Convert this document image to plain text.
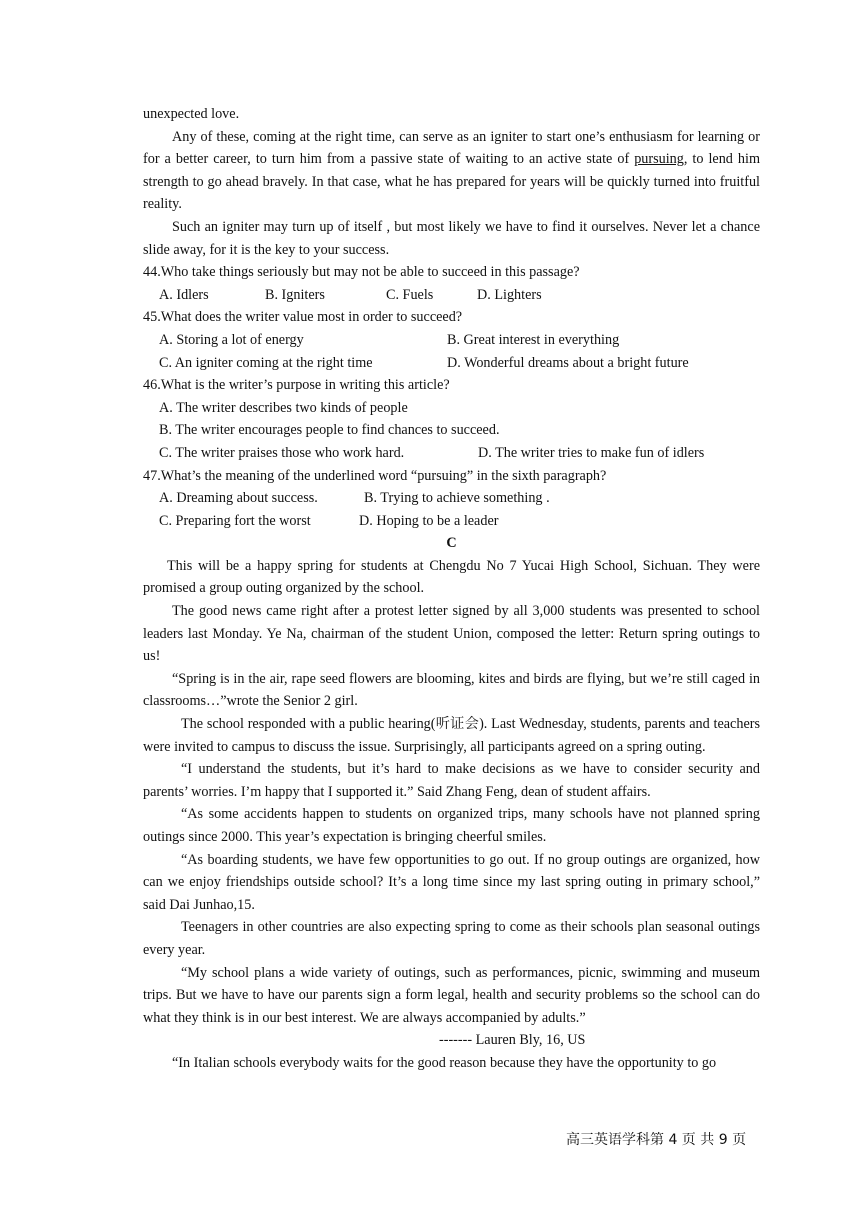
unexpected love.

Any of these, coming at the right time, can serve as an igniter to start one’s enthusiasm for learning or for a better career, to turn him from a passive state of waiting to an active state of pursuing, to lend him strength to go ahead bravely. In that case, what he has prepared for years will be quickly turned into fruitful reality.

Such an igniter may turn up of itself , but most likely we have to find it ourselves. Never let a chance slide away, for it is the key to your success.

44.Who take things seriously but may not be able to succeed in this passage?

A. Idlers	B. Igniters	C. Fuels	D. Lighters

45.What does the writer value most in order to succeed?

A. Storing a lot of energy	B. Great interest in everything

C. An igniter coming at the right time	D. Wonderful dreams about a bright future

46.What is the writer’s purpose in writing this article?

A. The writer describes two kinds of people

B. The writer encourages people to find chances to succeed.

C. The writer praises those who work hard.	D. The writer tries to make fun of idlers

47.What’s the meaning of the underlined word “pursuing” in the sixth paragraph?

A. Dreaming about success.	B. Trying to achieve something .

C. Preparing fort the worst	D. Hoping to be a leader

C

This will be a happy spring for students at Chengdu No 7 Yucai High School, Sichuan. They were promised a group outing organized by the school.

The good news came right after a protest letter signed by all 3,000 students was presented to school leaders last Monday. Ye Na, chairman of the student Union, composed the letter: Return spring outings to us!

“Spring is in the air, rape seed flowers are blooming, kites and birds are flying, but we’re still caged in classrooms…”wrote the Senior 2 girl.

The school responded with a public hearing(听证会). Last Wednesday, students, parents and teachers were invited to campus to discuss the issue. Surprisingly, all participants agreed on a spring outing.

“I understand the students, but it’s hard to make decisions as we have to consider security and parents’ worries. I’m happy that I supported it.” Said Zhang Feng, dean of student affairs.

“As some accidents happen to students on organized trips, many schools have not planned spring outings since 2000. This year’s expectation is bringing cheerful smiles.

“As boarding students, we have few opportunities to go out. If no group outings are organized, how can we enjoy friendships outside school? It’s a long time since my last spring outing in primary school,” said Dai Junhao,15.

Teenagers in other countries are also expecting spring to come as their schools plan seasonal outings every year.

“My school plans a wide variety of outings, such as performances, picnic, swimming and museum trips. But we have to have our parents sign a form legal, health and security problems so the school can do what they think is in our best interest. We are always accompanied by adults.”

------- Lauren Bly, 16, US

“In Italian schools everybody waits for the good reason because they have the opportunity to go

高三英语学科第 4 页 共 9 页
